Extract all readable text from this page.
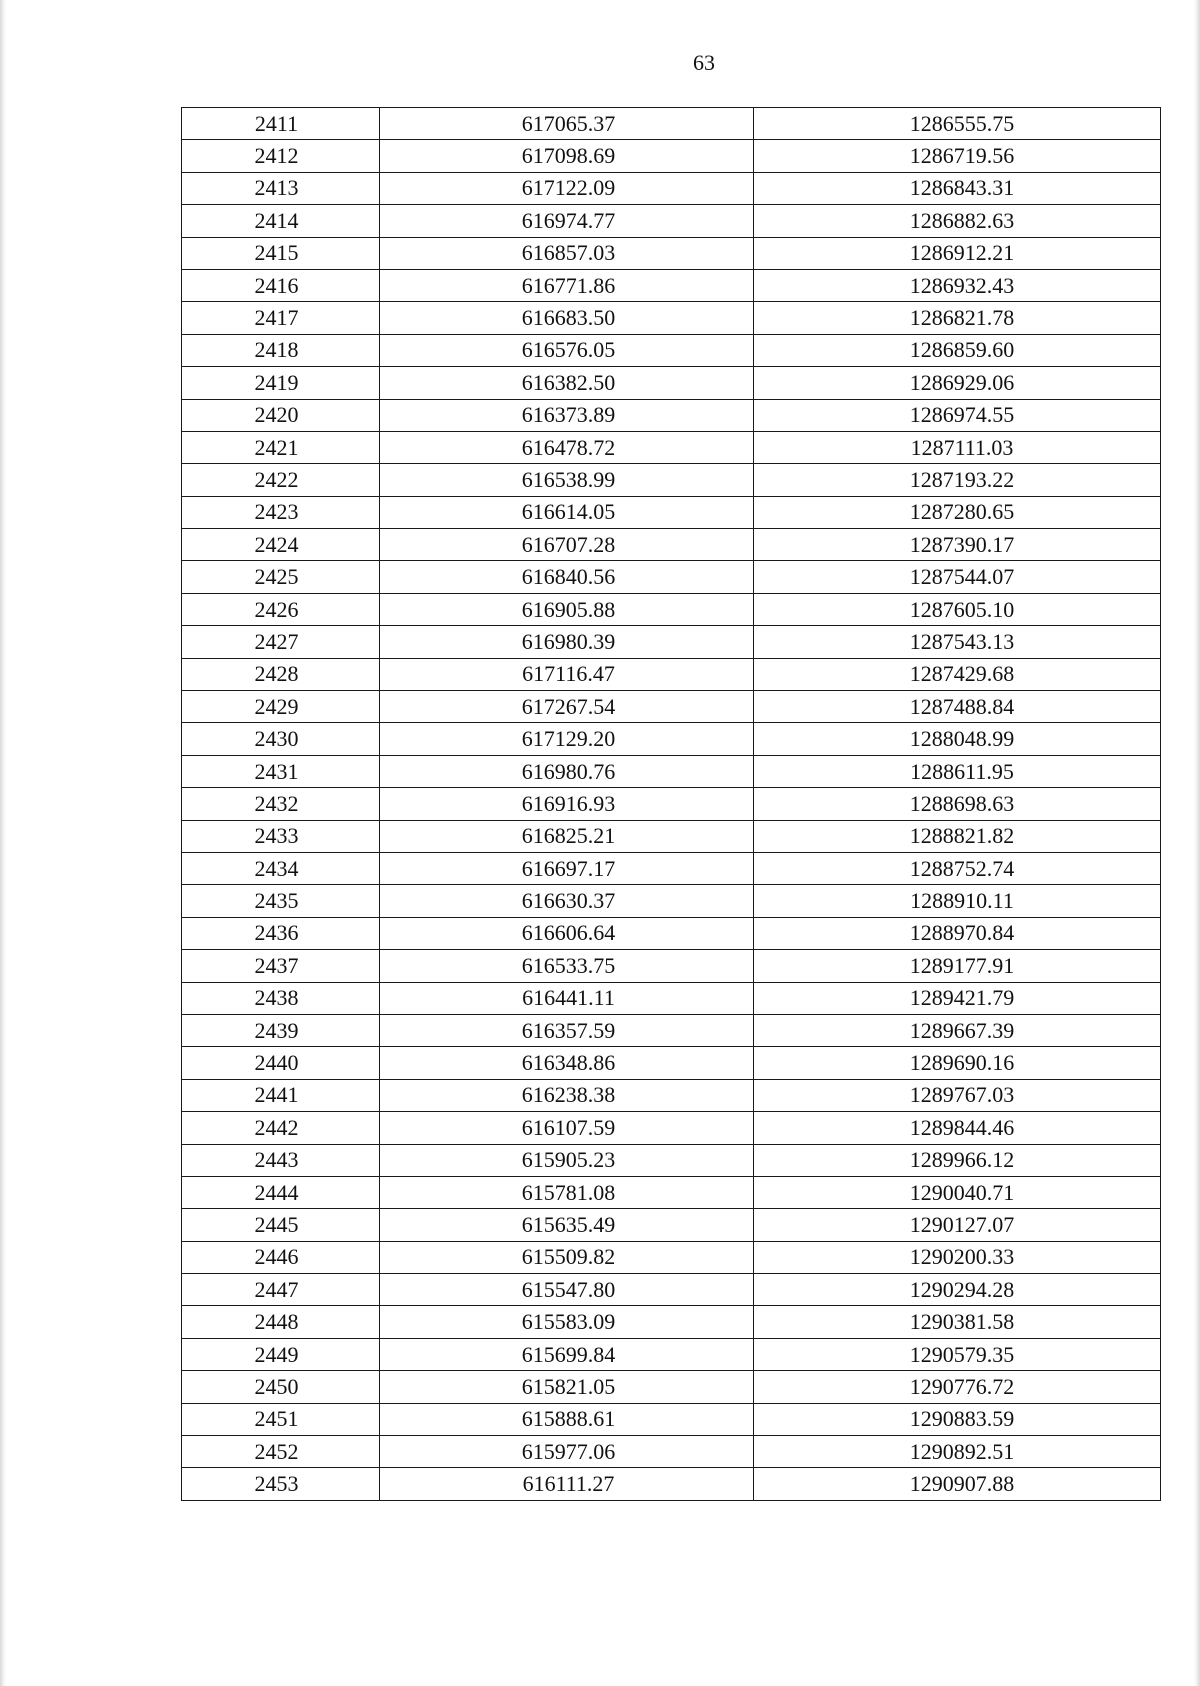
63
2411	617065.37	1286555.75
2412	617098.69	1286719.56
2413	617122.09	1286843.31
2414	616974.77	1286882.63
2415	616857.03	1286912.21
2416	616771.86	1286932.43
2417	616683.50	1286821.78
2418	616576.05	1286859.60
2419	616382.50	1286929.06
2420	616373.89	1286974.55
2421	616478.72	1287111.03
2422	616538.99	1287193.22
2423	616614.05	1287280.65
2424	616707.28	1287390.17
2425	616840.56	1287544.07
2426	616905.88	1287605.10
2427	616980.39	1287543.13
2428	617116.47	1287429.68
2429	617267.54	1287488.84
2430	617129.20	1288048.99
2431	616980.76	1288611.95
2432	616916.93	1288698.63
2433	616825.21	1288821.82
2434	616697.17	1288752.74
2435	616630.37	1288910.11
2436	616606.64	1288970.84
2437	616533.75	1289177.91
2438	616441.11	1289421.79
2439	616357.59	1289667.39
2440	616348.86	1289690.16
2441	616238.38	1289767.03
2442	616107.59	1289844.46
2443	615905.23	1289966.12
2444	615781.08	1290040.71
2445	615635.49	1290127.07
2446	615509.82	1290200.33
2447	615547.80	1290294.28
2448	615583.09	1290381.58
2449	615699.84	1290579.35
2450	615821.05	1290776.72
2451	615888.61	1290883.59
2452	615977.06	1290892.51
2453	616111.27	1290907.88
